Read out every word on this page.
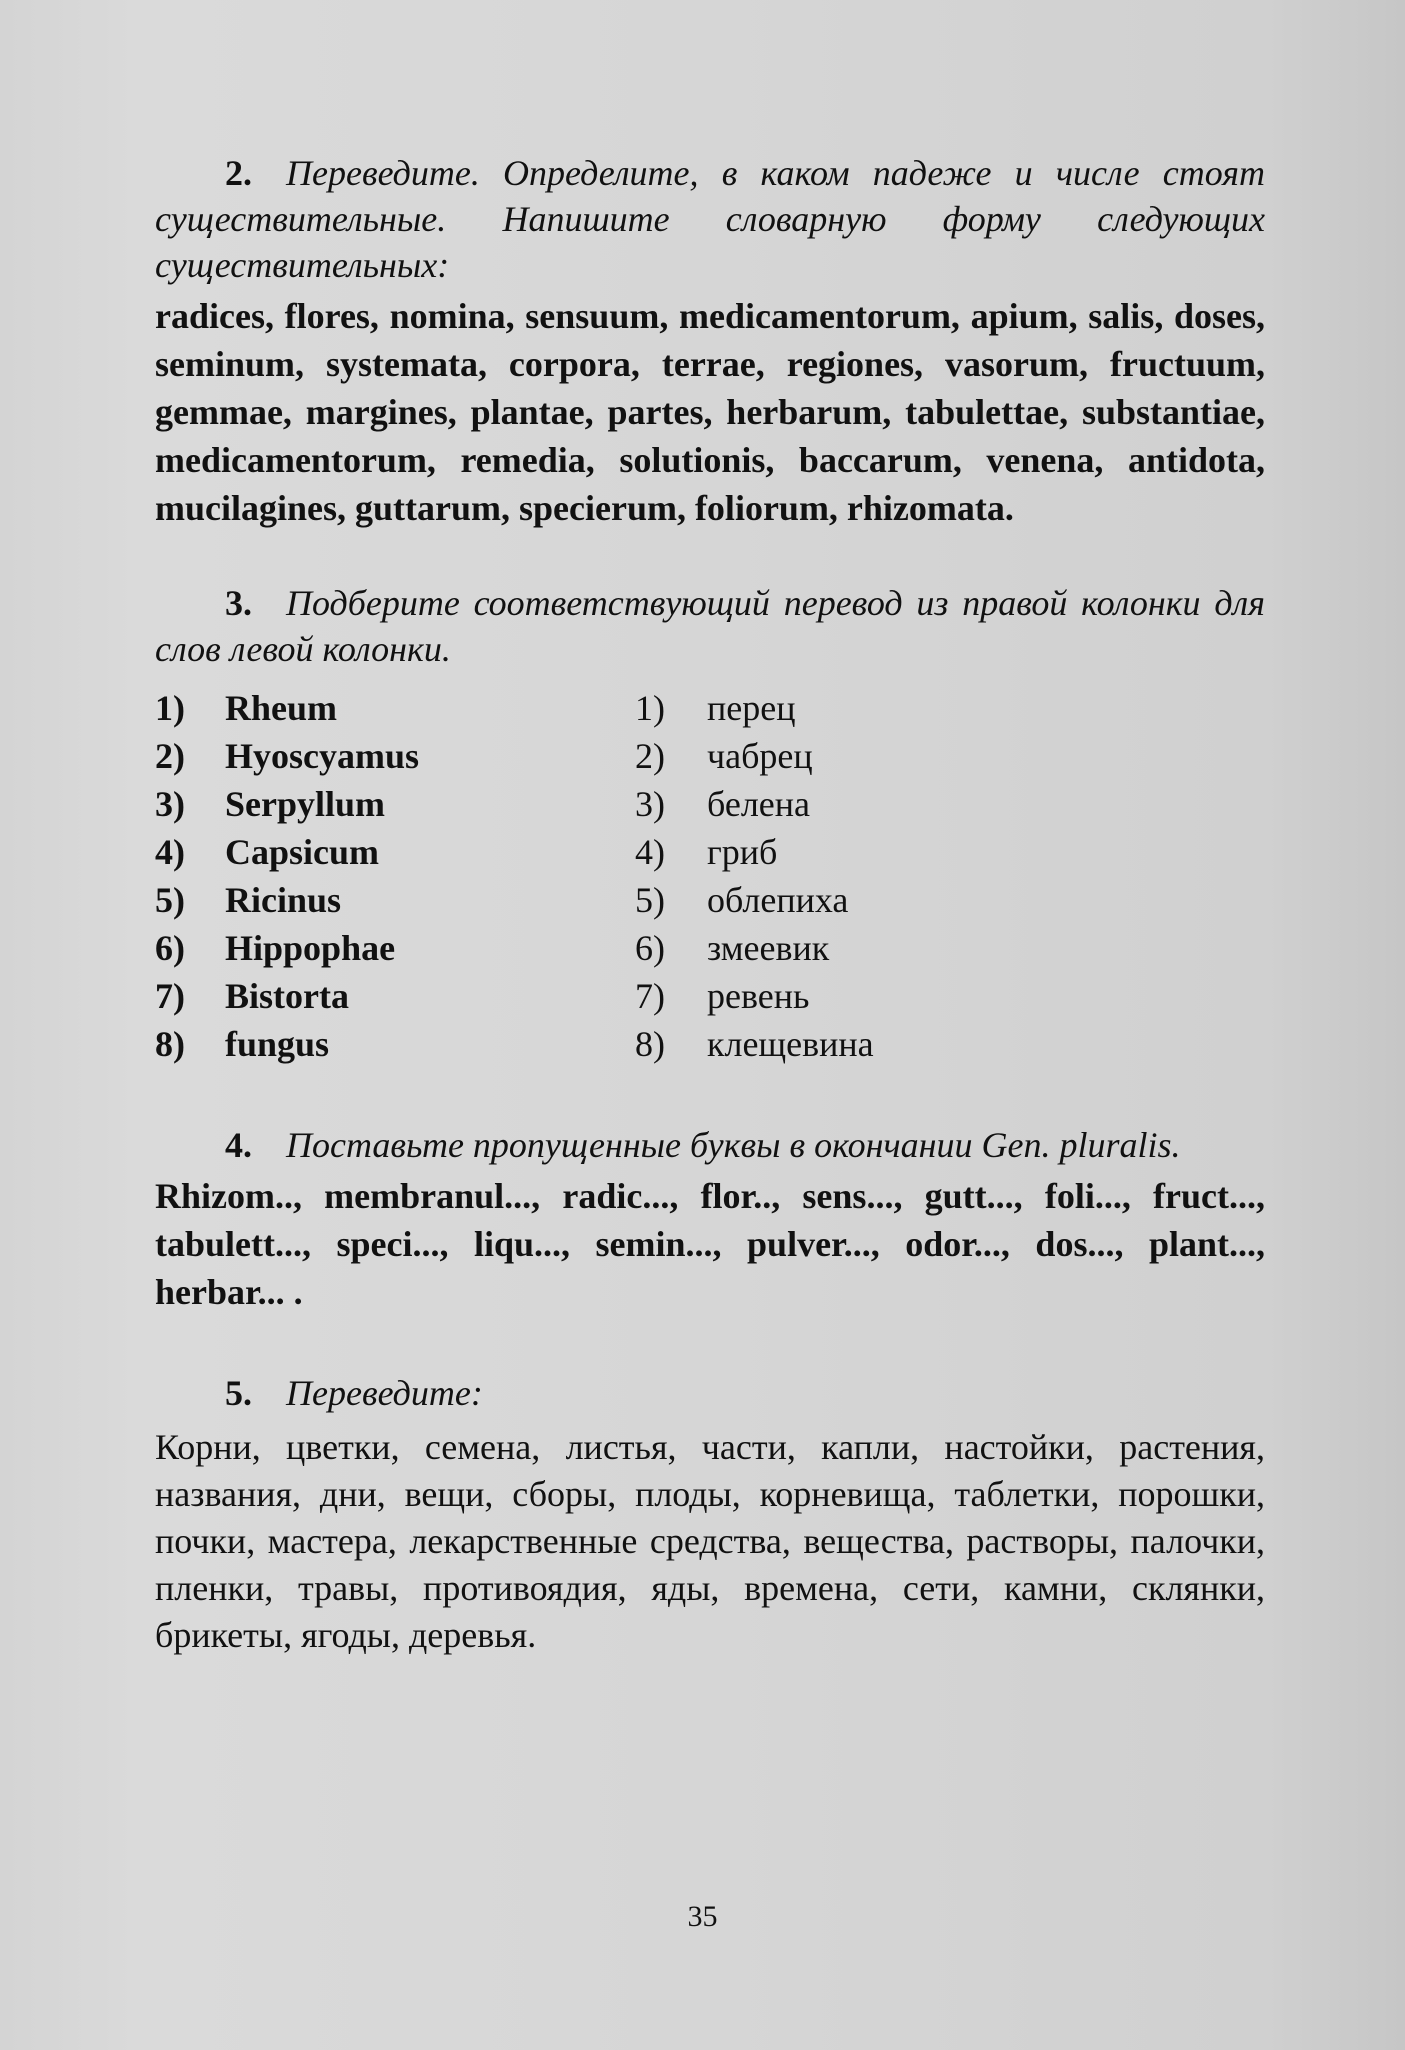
2. Переведите. Определите, в каком падеже и числе стоят существительные. Напишите словарную форму следующих существительных:
radices, flores, nomina, sensuum, medicamentorum, apium, salis, doses, seminum, systemata, corpora, terrae, regiones, vasorum, fructuum, gemmae, margines, plantae, partes, herbarum, tabulettae, substantiae, medicamentorum, remedia, solutionis, baccarum, venena, antidota, mucilagines, guttarum, specierum, foliorum, rhizomata.
3. Подберите соответствующий перевод из правой колонки для слов левой колонки.
1)	Rheum	1)	перец
2)	Hyoscyamus	2)	чабрец
3)	Serpyllum	3)	белена
4)	Capsicum	4)	гриб
5)	Ricinus	5)	облепиха
6)	Hippophae	6)	змеевик
7)	Bistorta	7)	ревень
8)	fungus	8)	клещевина
4. Поставьте пропущенные буквы в окончании Gen. pluralis.
Rhizom.., membranul..., radic..., flor.., sens..., gutt..., foli..., fruct..., tabulett..., speci..., liqu..., semin..., pulver..., odor..., dos..., plant..., herbar... .
5. Переведите:
Корни, цветки, семена, листья, части, капли, настойки, растения, названия, дни, вещи, сборы, плоды, корневища, таблетки, порошки, почки, мастера, лекарственные средства, вещества, растворы, палочки, пленки, травы, противоядия, яды, времена, сети, камни, склянки, брикеты, ягоды, деревья.
35
